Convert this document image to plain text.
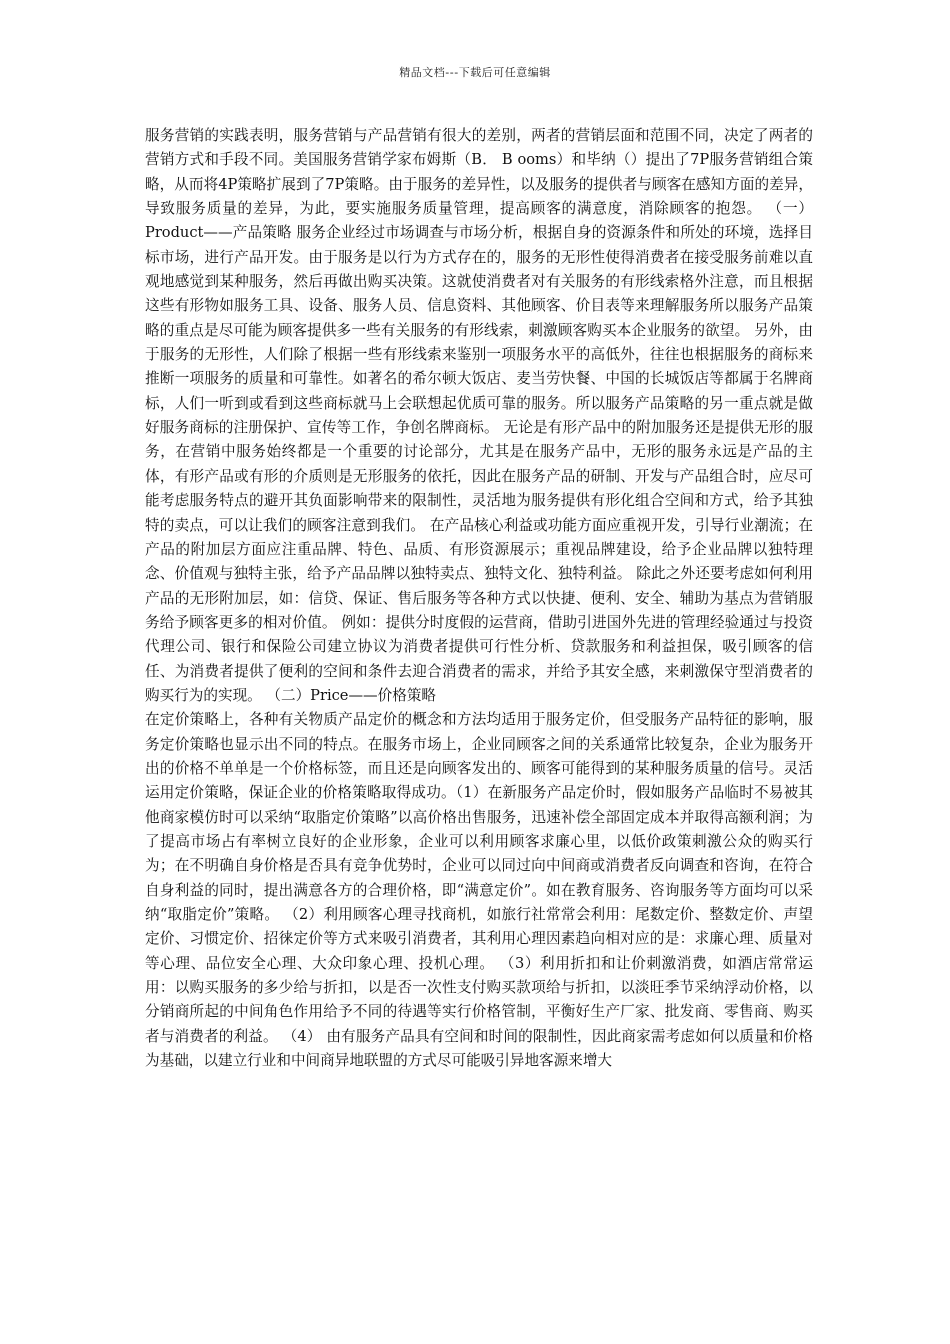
精品文档---下载后可任意编辑

服务营销的实践表明，服务营销与产品营销有很大的差别，两者的营销层面和范围不同，决定了两者的营销方式和手段不同。美国服务营销学家布姆斯（B． B ooms）和毕纳（）提出了7P服务营销组合策略，从而将4P策略扩展到了7P策略。由于服务的差异性，以及服务的提供者与顾客在感知方面的差异，导致服务质量的差异，为此，要实施服务质量管理，提高顾客的满意度，消除顾客的抱怨。 （一）Product——产品策略 服务企业经过市场调查与市场分析，根据自身的资源条件和所处的环境，选择目标市场，进行产品开发。由于服务是以行为方式存在的，服务的无形性使得消费者在接受服务前难以直观地感觉到某种服务，然后再做出购买决策。这就使消费者对有关服务的有形线索格外注意，而且根据这些有形物如服务工具、设备、服务人员、信息资料、其他顾客、价目表等来理解服务所以服务产品策略的重点是尽可能为顾客提供多一些有关服务的有形线索，刺激顾客购买本企业服务的欲望。 另外，由于服务的无形性，人们除了根据一些有形线索来鉴别一项服务水平的高低外，往往也根据服务的商标来推断一项服务的质量和可靠性。如著名的希尔顿大饭店、麦当劳快餐、中国的长城饭店等都属于名牌商标，人们一听到或看到这些商标就马上会联想起优质可靠的服务。所以服务产品策略的另一重点就是做好服务商标的注册保护、宣传等工作，争创名牌商标。 无论是有形产品中的附加服务还是提供无形的服务，在营销中服务始终都是一个重要的讨论部分，尤其是在服务产品中，无形的服务永远是产品的主体，有形产品或有形的介质则是无形服务的依托，因此在服务产品的研制、开发与产品组合时，应尽可能考虑服务特点的避开其负面影响带来的限制性，灵活地为服务提供有形化组合空间和方式，给予其独特的卖点，可以让我们的顾客注意到我们。 在产品核心利益或功能方面应重视开发，引导行业潮流；在产品的附加层方面应注重品牌、特色、品质、有形资源展示；重视品牌建设，给予企业品牌以独特理念、价值观与独特主张，给予产品品牌以独特卖点、独特文化、独特利益。 除此之外还要考虑如何利用产品的无形附加层，如：信贷、保证、售后服务等各种方式以快捷、便利、安全、辅助为基点为营销服务给予顾客更多的相对价值。 例如：提供分时度假的运营商，借助引进国外先进的管理经验通过与投资代理公司、银行和保险公司建立协议为消费者提供可行性分析、贷款服务和利益担保，吸引顾客的信任、为消费者提供了便利的空间和条件去迎合消费者的需求，并给予其安全感，来刺激保守型消费者的购买行为的实现。 （二）Price——价格策略

在定价策略上，各种有关物质产品定价的概念和方法均适用于服务定价，但受服务产品特征的影响，服务定价策略也显示出不同的特点。在服务市场上，企业同顾客之间的关系通常比较复杂，企业为服务开出的价格不单单是一个价格标签，而且还是向顾客发出的、顾客可能得到的某种服务质量的信号。灵活运用定价策略，保证企业的价格策略取得成功。（1）在新服务产品定价时，假如服务产品临时不易被其他商家模仿时可以采纳“取脂定价策略”以高价格出售服务，迅速补偿全部固定成本并取得高额利润；为了提高市场占有率树立良好的企业形象，企业可以利用顾客求廉心里，以低价政策刺激公众的购买行为；在不明确自身价格是否具有竞争优势时，企业可以同过向中间商或消费者反向调查和咨询，在符合自身利益的同时，提出满意各方的合理价格，即“满意定价”。如在教育服务、咨询服务等方面均可以采纳“取脂定价”策略。 （2）利用顾客心理寻找商机，如旅行社常常会利用：尾数定价、整数定价、声望定价、习惯定价、招徕定价等方式来吸引消费者，其利用心理因素趋向相对应的是：求廉心理、质量对等心理、品位安全心理、大众印象心理、投机心理。 （3）利用折扣和让价刺激消费，如酒店常常运用：以购买服务的多少给与折扣，以是否一次性支付购买款项给与折扣，以淡旺季节采纳浮动价格，以分销商所起的中间角色作用给予不同的待遇等实行价格管制，平衡好生产厂家、批发商、零售商、购买者与消费者的利益。 （4） 由有服务产品具有空间和时间的限制性，因此商家需考虑如何以质量和价格为基础，以建立行业和中间商异地联盟的方式尽可能吸引异地客源来增大
